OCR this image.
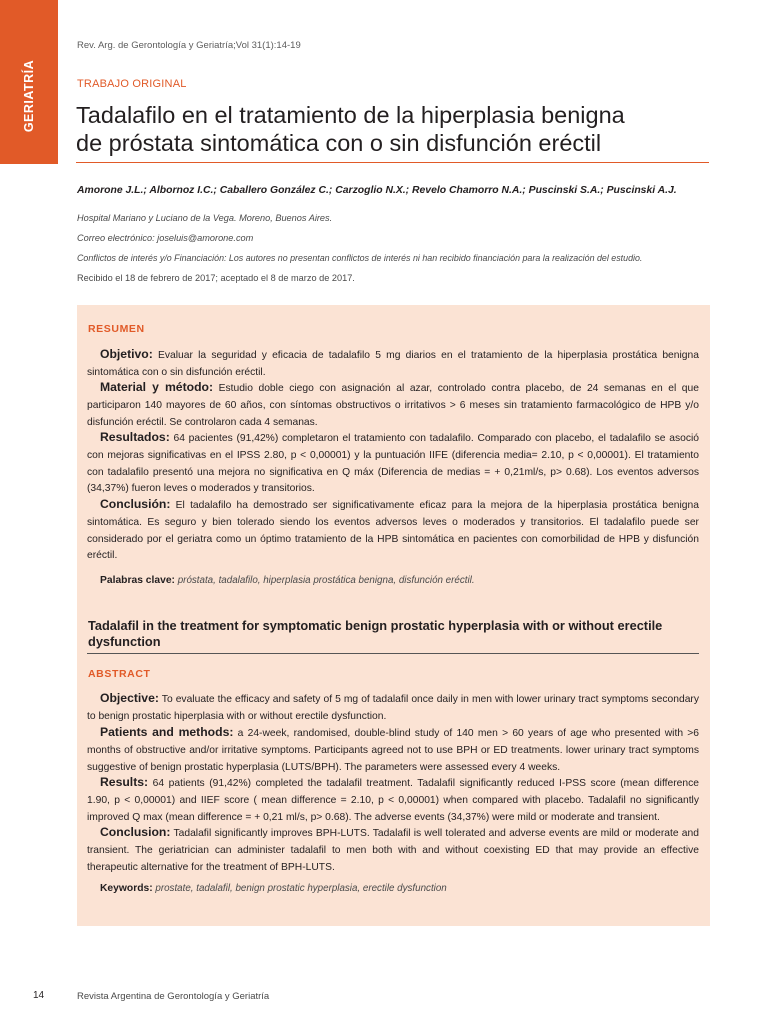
GERIATRÍA
Rev. Arg. de Gerontología y Geriatría;Vol 31(1):14-19
TRABAJO ORIGINAL
Tadalafilo en el tratamiento de la hiperplasia benigna
de próstata sintomática con o sin disfunción eréctil
Amorone J.L.; Albornoz I.C.; Caballero González C.; Carzoglio N.X.; Revelo Chamorro N.A.; Puscinski S.A.; Puscinski A.J.
Hospital Mariano y Luciano de la Vega. Moreno, Buenos Aires.
Correo electrónico: joseluis@amorone.com
Conflictos de interés y/o Financiación: Los autores no presentan conflictos de interés ni han recibido financiación para la realización del estudio.
Recibido el 18 de febrero de 2017; aceptado el 8 de marzo de 2017.
RESUMEN

Objetivo: Evaluar la seguridad y eficacia de tadalafilo 5 mg diarios en el tratamiento de la hiperplasia prostática benigna sintomática con o sin disfunción eréctil.

Material y método: Estudio doble ciego con asignación al azar, controlado contra placebo, de 24 semanas en el que participaron 140 mayores de 60 años, con síntomas obstructivos o irritativos > 6 meses sin tratamiento farmacológico de HPB y/o disfunción eréctil. Se controlaron cada 4 semanas.

Resultados: 64 pacientes (91,42%) completaron el tratamiento con tadalafilo. Comparado con placebo, el tadalafilo se asoció con mejoras significativas en el IPSS 2.80, p < 0,00001) y la puntuación IIFE (diferencia media= 2.10, p < 0,00001). El tratamiento con tadalafilo presentó una mejora no significativa en Q máx (Diferencia de medias = + 0,21ml/s, p> 0.68). Los eventos adversos (34,37%) fueron leves o moderados y transitorios.

Conclusión: El tadalafilo ha demostrado ser significativamente eficaz para la mejora de la hiperplasia prostática benigna sintomática. Es seguro y bien tolerado siendo los eventos adversos leves o moderados y transitorios. El tadalafilo puede ser considerado por el geriatra como un óptimo tratamiento de la HPB sintomática en pacientes con comorbilidad de HPB y disfunción eréctil.

Palabras clave: próstata, tadalafilo, hiperplasia prostática benigna, disfunción eréctil.
Tadalafil in the treatment for symptomatic benign prostatic hyperplasia with or without erectile dysfunction
ABSTRACT

Objective: To evaluate the efficacy and safety of 5 mg of tadalafil once daily in men with lower urinary tract symptoms secondary to benign prostatic hiperplasia with or without erectile dysfunction.

Patients and methods: a 24-week, randomised, double-blind study of 140 men > 60 years of age who presented with >6 months of obstructive and/or irritative symptoms. Participants agreed not to use BPH or ED treatments. lower urinary tract symptoms suggestive of benign prostatic hyperplasia (LUTS/BPH). The parameters were assessed every 4 weeks.

Results: 64 patients (91,42%) completed the tadalafil treatment. Tadalafil significantly reduced I-PSS score (mean difference 1.90, p < 0,00001) and IIEF score ( mean difference = 2.10, p < 0,00001) when compared with placebo. Tadalafil no significantly improved Q max (mean difference = + 0,21 ml/s, p> 0.68). The adverse events (34,37%) were mild or moderate and transient.

Conclusion: Tadalafil significantly improves BPH-LUTS. Tadalafil is well tolerated and adverse events are mild or moderate and transient. The geriatrician can administer tadalafil to men both with and without coexisting ED that may provide an effective therapeutic alternative for the treatment of BPH-LUTS.

Keywords: prostate, tadalafil, benign prostatic hyperplasia, erectile dysfunction
14	Revista Argentina de Gerontología y Geriatría
